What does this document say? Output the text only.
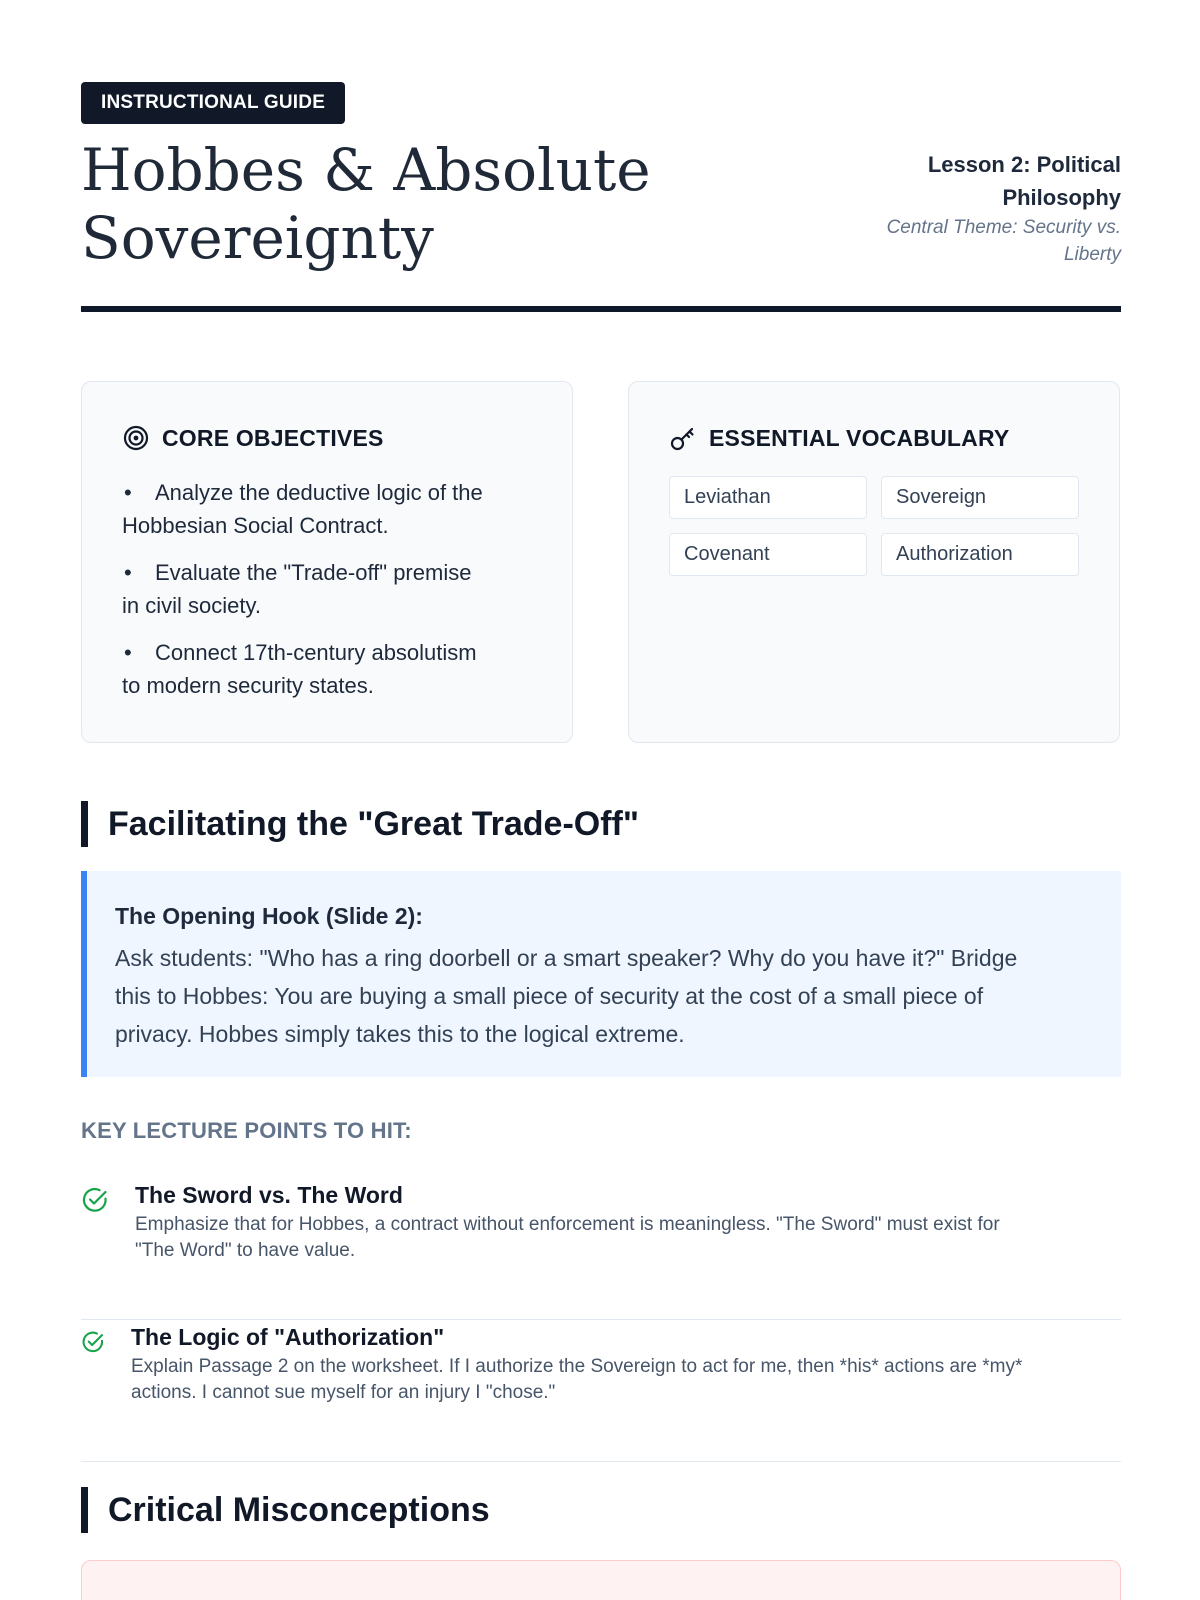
INSTRUCTIONAL GUIDE
Hobbes & Absolute
Sovereignty
Lesson 2: Political
Philosophy
Central Theme: Security vs.
Liberty
CORE OBJECTIVES
• Analyze the deductive logic of the
Hobbesian Social Contract.
• Evaluate the "Trade-off" premise
in civil society.
• Connect 17th-century absolutism
to modern security states.
ESSENTIAL VOCABULARY
Leviathan	Sovereign
Covenant	Authorization
Facilitating the "Great Trade-Off"
The Opening Hook (Slide 2):
Ask students: "Who has a ring doorbell or a smart speaker? Why do you have it?" Bridge
this to Hobbes: You are buying a small piece of security at the cost of a small piece of
privacy. Hobbes simply takes this to the logical extreme.
KEY LECTURE POINTS TO HIT:
The Sword vs. The Word
Emphasize that for Hobbes, a contract without enforcement is meaningless. "The Sword" must exist for
"The Word" to have value.
The Logic of "Authorization"
Explain Passage 2 on the worksheet. If I authorize the Sovereign to act for me, then *his* actions are *my*
actions. I cannot sue myself for an injury I "chose."
Critical Misconceptions
